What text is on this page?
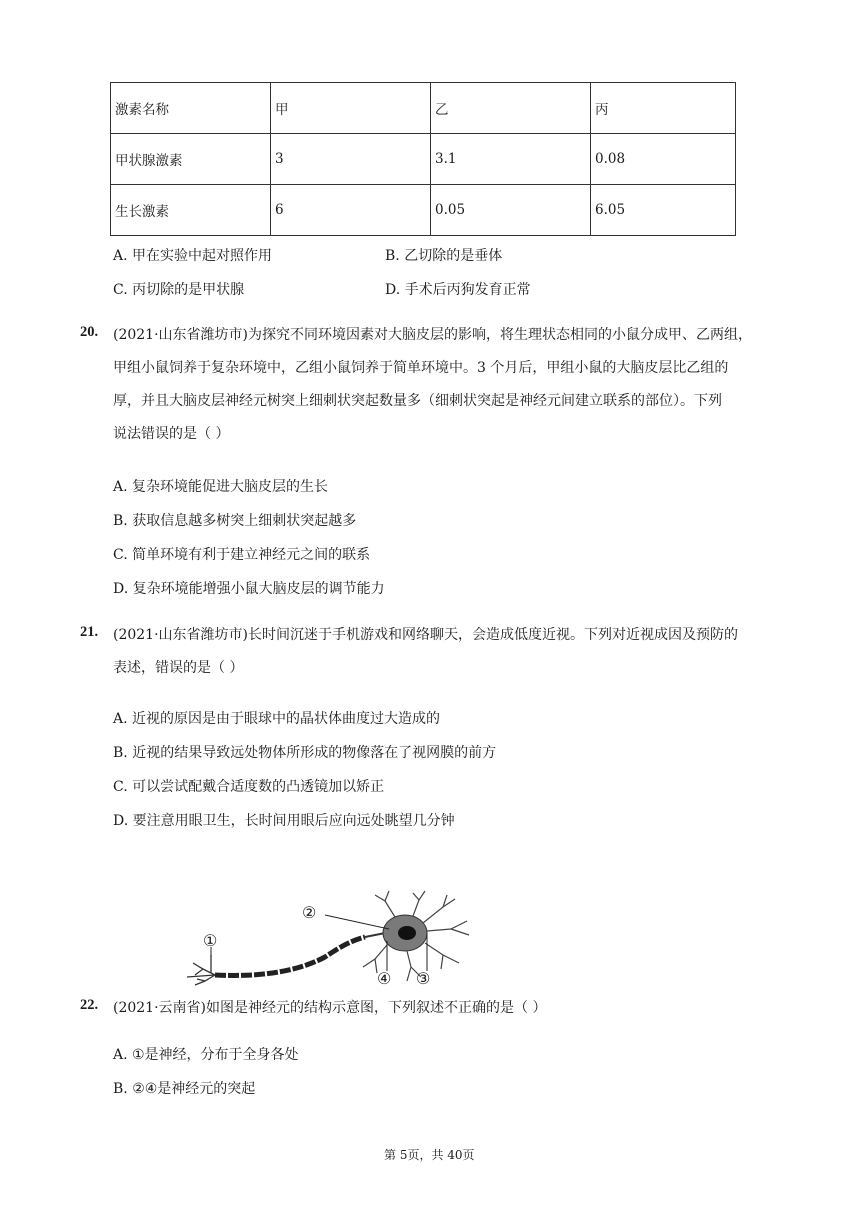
激素名称	甲	乙	丙
甲状腺激素	3	3.1	0.08
生长激素	6	0.05	6.05
A. 甲在实验中起对照作用	B. 乙切除的是垂体
C. 丙切除的是甲状腺	D. 手术后丙狗发育正常
20. (2021·山东省潍坊市)为探究不同环境因素对大脑皮层的影响，将生理状态相同的小鼠分成甲、乙两组，
甲组小鼠饲养于复杂环境中，乙组小鼠饲养于简单环境中。3 个月后，甲组小鼠的大脑皮层比乙组的
厚，并且大脑皮层神经元树突上细刺状突起数量多（细刺状突起是神经元间建立联系的部位）。下列
说法错误的是（ ）
A. 复杂环境能促进大脑皮层的生长
B. 获取信息越多树突上细刺状突起越多
C. 简单环境有利于建立神经元之间的联系
D. 复杂环境能增强小鼠大脑皮层的调节能力
21. (2021·山东省潍坊市)长时间沉迷于手机游戏和网络聊天，会造成低度近视。下列对近视成因及预防的
表述，错误的是（ ）
A. 近视的原因是由于眼球中的晶状体曲度过大造成的
B. 近视的结果导致远处物体所形成的物像落在了视网膜的前方
C. 可以尝试配戴合适度数的凸透镜加以矫正
D. 要注意用眼卫生，长时间用眼后应向远处眺望几分钟
①
②
③
④
22. (2021·云南省)如图是神经元的结构示意图，下列叙述不正确的是（ ）
A. ①是神经，分布于全身各处
B. ②④是神经元的突起
第 5页，共 40页
